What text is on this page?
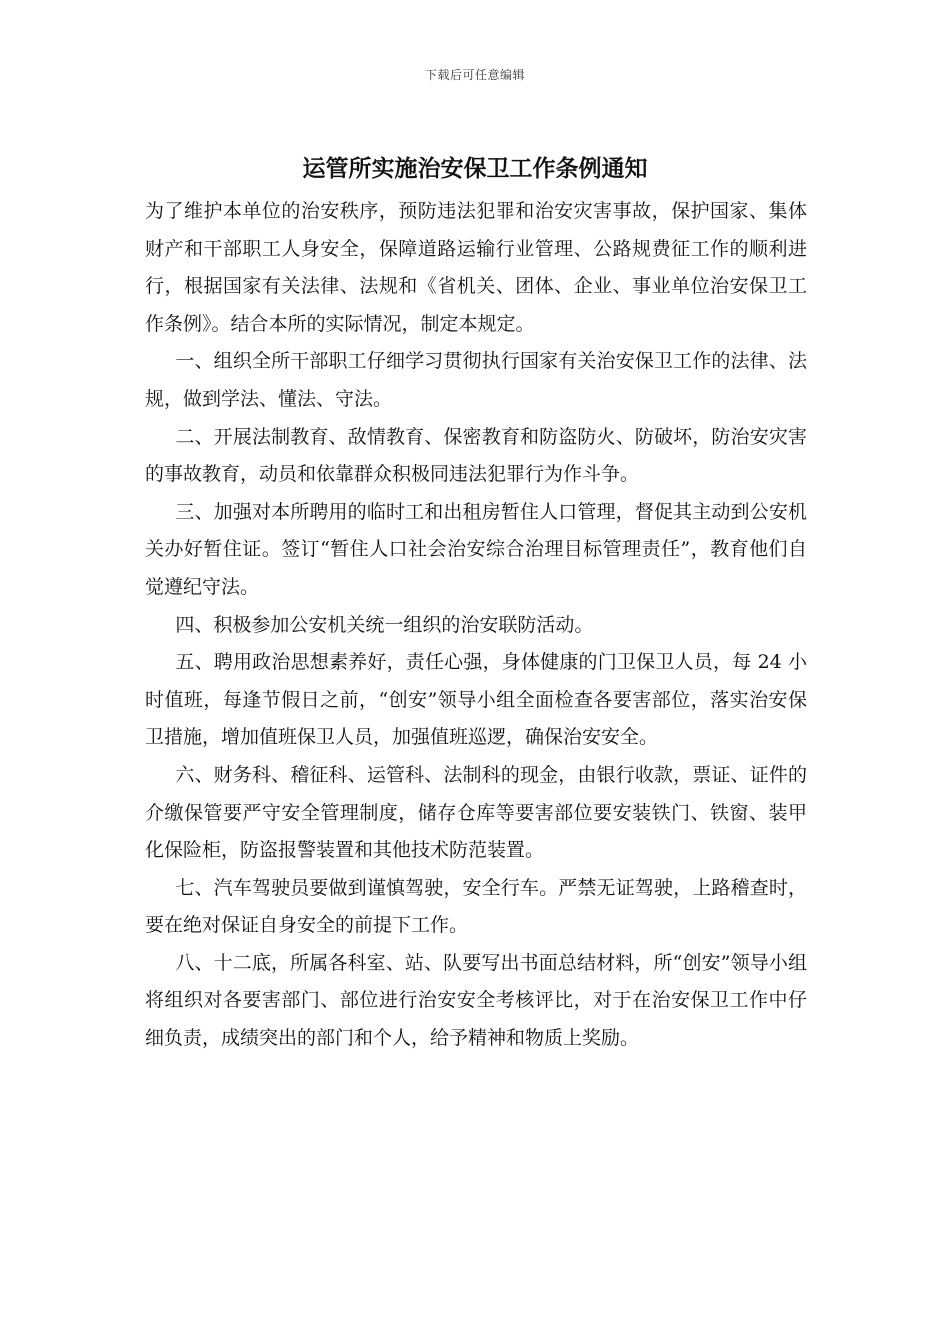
下载后可任意编辑
运管所实施治安保卫工作条例通知

为了维护本单位的治安秩序，预防违法犯罪和治安灾害事故，保护国家、集体财产和干部职工人身安全，保障道路运输行业管理、公路规费征工作的顺利进行，根据国家有关法律、法规和《省机关、团体、企业、事业单位治安保卫工作条例》。结合本所的实际情况，制定本规定。

一、组织全所干部职工仔细学习贯彻执行国家有关治安保卫工作的法律、法规，做到学法、懂法、守法。

二、开展法制教育、敌情教育、保密教育和防盗防火、防破坏，防治安灾害的事故教育，动员和依靠群众积极同违法犯罪行为作斗争。

三、加强对本所聘用的临时工和出租房暂住人口管理，督促其主动到公安机关办好暂住证。签订“暂住人口社会治安综合治理目标管理责任”，教育他们自觉遵纪守法。

四、积极参加公安机关统一组织的治安联防活动。

五、聘用政治思想素养好，责任心强，身体健康的门卫保卫人员，每 24 小时值班，每逢节假日之前，“创安”领导小组全面检查各要害部位，落实治安保卫措施，增加值班保卫人员，加强值班巡逻，确保治安安全。

六、财务科、稽征科、运管科、法制科的现金，由银行收款，票证、证件的介缴保管要严守安全管理制度，储存仓库等要害部位要安装铁门、铁窗、装甲化保险柜，防盗报警装置和其他技术防范装置。

七、汽车驾驶员要做到谨慎驾驶，安全行车。严禁无证驾驶，上路稽查时，要在绝对保证自身安全的前提下工作。

八、十二底，所属各科室、站、队要写出书面总结材料，所“创安”领导小组将组织对各要害部门、部位进行治安安全考核评比，对于在治安保卫工作中仔细负责，成绩突出的部门和个人，给予精神和物质上奖励。
